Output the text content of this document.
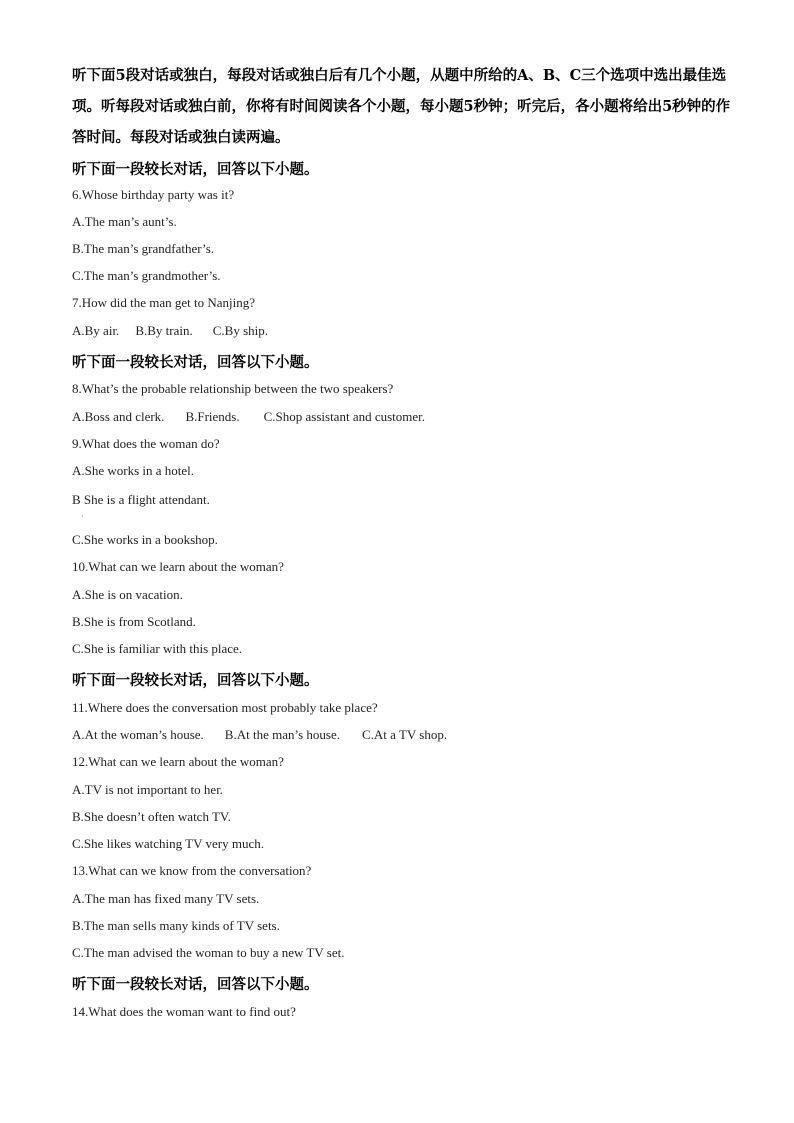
听下面5段对话或独白，每段对话或独白后有几个小题，从题中所给的A、B、C三个选项中选出最佳选项。听每段对话或独白前，你将有时间阅读各个小题，每小题5秒钟；听完后，各小题将给出5秒钟的作答时间。每段对话或独白读两遍。
听下面一段较长对话，回答以下小题。
6.Whose birthday party was it?
A.The man’s aunt’s.
B.The man’s grandfather’s.
C.The man’s grandmother’s.
7.How did the man get to Nanjing?
A.By air. B.By train. C.By ship.
听下面一段较长对话，回答以下小题。
8.What’s the probable relationship between the two speakers?
A.Boss and clerk. B.Friends. C.Shop assistant and customer.
9.What does the woman do?
A.She works in a hotel.
B She is a flight attendant.
·
C.She works in a bookshop.
10.What can we learn about the woman?
A.She is on vacation.
B.She is from Scotland.
C.She is familiar with this place.
听下面一段较长对话，回答以下小题。
11.Where does the conversation most probably take place?
A.At the woman’s house. B.At the man’s house. C.At a TV shop.
12.What can we learn about the woman?
A.TV is not important to her.
B.She doesn’t often watch TV.
C.She likes watching TV very much.
13.What can we know from the conversation?
A.The man has fixed many TV sets.
B.The man sells many kinds of TV sets.
C.The man advised the woman to buy a new TV set.
听下面一段较长对话，回答以下小题。
14.What does the woman want to find out?
